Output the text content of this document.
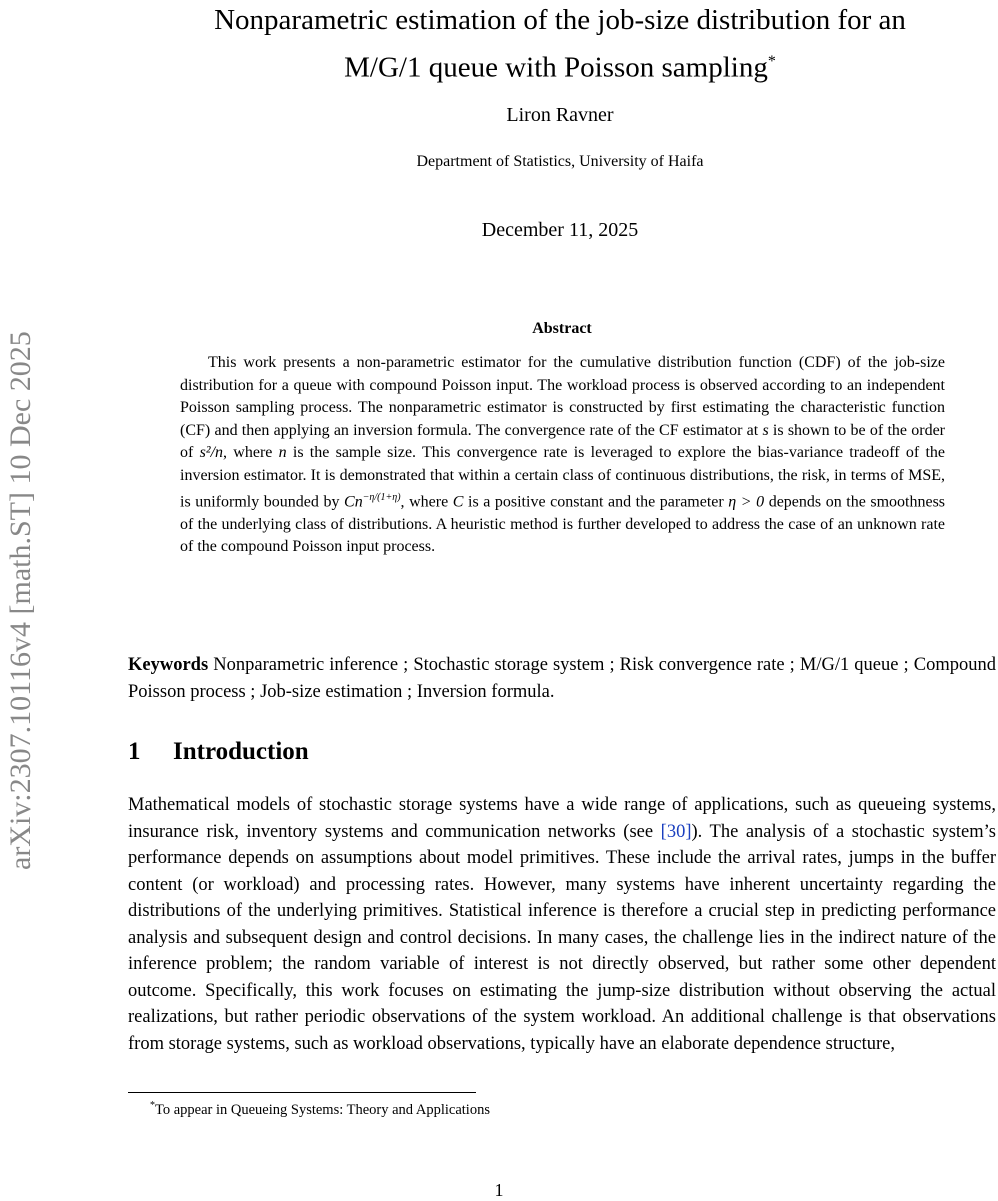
arXiv:2307.10116v4 [math.ST] 10 Dec 2025
Nonparametric estimation of the job-size distribution for an
M/G/1 queue with Poisson sampling*
Liron Ravner
Department of Statistics, University of Haifa
December 11, 2025
Abstract
This work presents a non-parametric estimator for the cumulative distribution function (CDF) of the job-size distribution for a queue with compound Poisson input. The workload process is observed according to an independent Poisson sampling process. The nonparametric estimator is constructed by first estimating the characteristic function (CF) and then applying an inversion formula. The convergence rate of the CF estimator at s is shown to be of the order of s²/n, where n is the sample size. This convergence rate is leveraged to explore the bias-variance tradeoff of the inversion estimator. It is demonstrated that within a certain class of continuous distributions, the risk, in terms of MSE, is uniformly bounded by $Cn^{-\eta/(1+\eta)}$, where C is a positive constant and the parameter η > 0 depends on the smoothness of the underlying class of distributions. A heuristic method is further developed to address the case of an unknown rate of the compound Poisson input process.
Keywords Nonparametric inference ; Stochastic storage system ; Risk convergence rate ; M/G/1 queue ; Compound Poisson process ; Job-size estimation ; Inversion formula.
1 Introduction
Mathematical models of stochastic storage systems have a wide range of applications, such as queueing systems, insurance risk, inventory systems and communication networks (see [30]). The analysis of a stochastic system’s performance depends on assumptions about model primitives. These include the arrival rates, jumps in the buffer content (or workload) and processing rates. However, many systems have inherent uncertainty regarding the distributions of the underlying primitives. Statistical inference is therefore a crucial step in predicting performance analysis and subsequent design and control decisions. In many cases, the challenge lies in the indirect nature of the inference problem; the random variable of interest is not directly observed, but rather some other dependent outcome. Specifically, this work focuses on estimating the jump-size distribution without observing the actual realizations, but rather periodic observations of the system workload. An additional challenge is that observations from storage systems, such as workload observations, typically have an elaborate dependence structure,
*To appear in Queueing Systems: Theory and Applications
1
